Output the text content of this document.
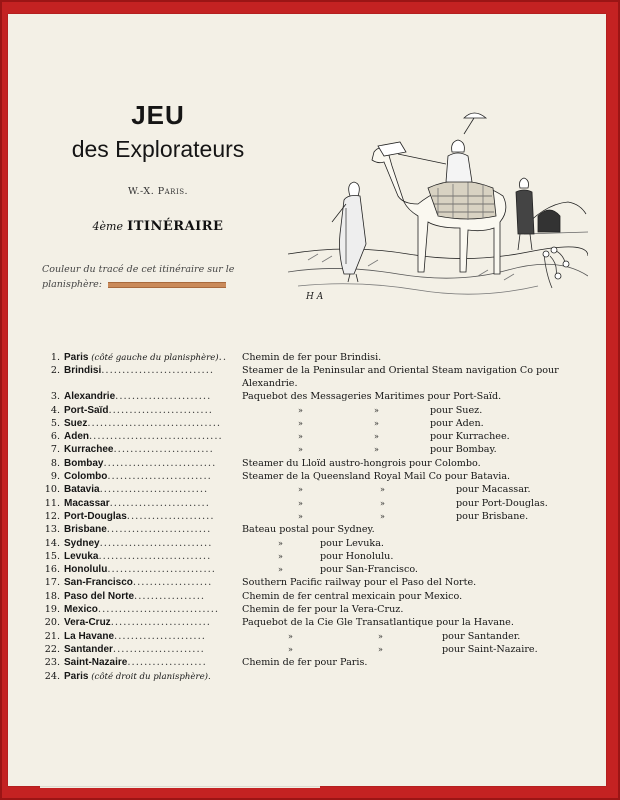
JEU
des Explorateurs
W.-X. Paris.
4ème ITINÉRAIRE
Couleur du tracé de cet itinéraire sur le
planisphère:
H A
1. Paris (côté gauche du planisphère)..	Chemin de fer pour Brindisi.
2. Brindisi...........................	Steamer de la Peninsular and Oriental Steam navigation Co pour Alexandrie.
3. Alexandrie.......................	Paquebot des Messageries Maritimes pour Port-Saïd.
4. Port-Saïd.........................	»	»	pour Suez.
5. Suez................................	»	»	pour Aden.
6. Aden................................	»	»	pour Kurrachee.
7. Kurrachee........................	»	»	pour Bombay.
8. Bombay...........................	Steamer du Lloïd austro-hongrois pour Colombo.
9. Colombo.........................	Steamer de la Queensland Royal Mail Co pour Batavia.
10. Batavia..........................	»	»	pour Macassar.
11. Macassar........................	»	»	pour Port-Douglas.
12. Port-Douglas.....................	»	»	pour Brisbane.
13. Brisbane.........................	Bateau postal pour Sydney.
14. Sydney...........................	»	pour Levuka.
15. Levuka...........................	»	pour Honolulu.
16. Honolulu..........................	»	pour San-Francisco.
17. San-Francisco...................	Southern Pacific railway pour el Paso del Norte.
18. Paso del Norte.................	Chemin de fer central mexicain pour Mexico.
19. Mexico.............................	Chemin de fer pour la Vera-Cruz.
20. Vera-Cruz........................	Paquebot de la Cie Gle Transatlantique pour la Havane.
21. La Havane......................	»	»	pour Santander.
22. Santander......................	»	»	pour Saint-Nazaire.
23. Saint-Nazaire...................	Chemin de fer pour Paris.
24. Paris (côté droit du planisphère).
